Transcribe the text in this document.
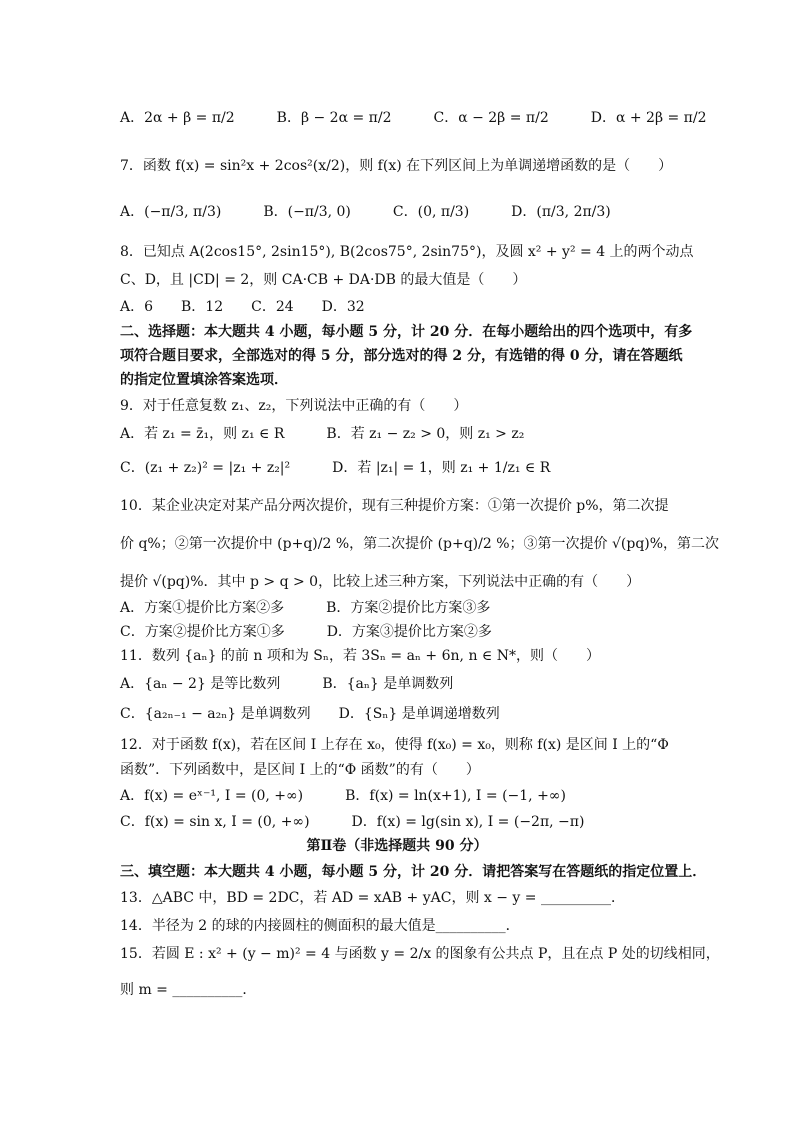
A．2α + β = π/2　　　B．β − 2α = π/2　　　C．α − 2β = π/2　　　D．α + 2β = π/2
7．函数 f(x) = sin²x + 2cos²(x/2)，则 f(x) 在下列区间上为单调递增函数的是（　　）
A．(−π/3, π/3)　　　B．(−π/3, 0)　　　C．(0, π/3)　　　D．(π/3, 2π/3)
8．已知点 A(2cos15°, 2sin15°), B(2cos75°, 2sin75°)，及圆 x² + y² = 4 上的两个动点
C、D，且 |CD| = 2，则 CA·CB + DA·DB 的最大值是（　　）
A．6　　B．12　　C．24　　D．32
二、选择题：本大题共 4 小题，每小题 5 分，计 20 分．在每小题给出的四个选项中，有多
项符合题目要求，全部选对的得 5 分，部分选对的得 2 分，有选错的得 0 分，请在答题纸
的指定位置填涂答案选项．
9．对于任意复数 z₁、z₂，下列说法中正确的有（　　）
A．若 z₁ = z̄₁，则 z₁ ∈ R　　　B．若 z₁ − z₂ > 0，则 z₁ > z₂
C．(z₁ + z₂)² = |z₁ + z₂|²　　　D．若 |z₁| = 1，则 z₁ + 1/z₁ ∈ R
10．某企业决定对某产品分两次提价，现有三种提价方案：①第一次提价 p%，第二次提
价 q%；②第一次提价中 (p+q)/2 %，第二次提价 (p+q)/2 %；③第一次提价 √(pq)%，第二次
提价 √(pq)%．其中 p > q > 0，比较上述三种方案，下列说法中正确的有（　　）
A．方案①提价比方案②多　　　B．方案②提价比方案③多
C．方案②提价比方案①多　　　D．方案③提价比方案②多
11．数列 {aₙ} 的前 n 项和为 Sₙ，若 3Sₙ = aₙ + 6n, n ∈ N*，则（　　）
A．{aₙ − 2} 是等比数列　　　B．{aₙ} 是单调数列
C．{a₂ₙ₋₁ − a₂ₙ} 是单调数列　　D．{Sₙ} 是单调递增数列
12．对于函数 f(x)，若在区间 I 上存在 x₀，使得 f(x₀) = x₀，则称 f(x) 是区间 I 上的“Φ
函数”．下列函数中，是区间 I 上的“Φ 函数”的有（　　）
A．f(x) = eˣ⁻¹, I = (0, +∞)　　　B．f(x) = ln(x+1), I = (−1, +∞)
C．f(x) = sin x, I = (0, +∞)　　　D．f(x) = lg(sin x), I = (−2π, −π)
三、填空题：本大题共 4 小题，每小题 5 分，计 20 分．请把答案写在答题纸的指定位置上．
13．△ABC 中，BD = 2DC，若 AD = xAB + yAC，则 x − y = __________．
14．半径为 2 的球的内接圆柱的侧面积的最大值是__________．
15．若圆 E : x² + (y − m)² = 4 与函数 y = 2/x 的图象有公共点 P，且在点 P 处的切线相同，
则 m = __________．
第Ⅱ卷（非选择题共 90 分）
